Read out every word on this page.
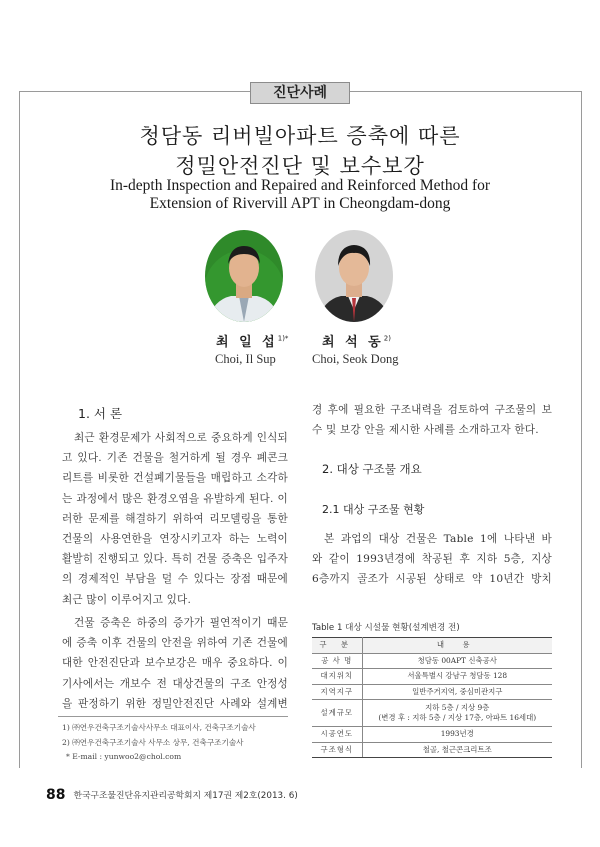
진단사례
청담동 리버빌아파트 증축에 따른
정밀안전진단 및 보수보강
In-depth Inspection and Repaired and Reinforced Method for
Extension of Rivervill APT in Cheongdam-dong
최 일 섭$^{1)*}$	최 석 동$^{2)}$
Choi, Il Sup	Choi, Seok Dong
1. 서 론

최근 환경문제가 사회적으로 중요하게 인식되

고 있다. 기존 건물을 철거하게 될 경우 폐콘크

리트를 비롯한 건설폐기물들을 매립하고 소각하

는 과정에서 많은 환경오염을 유발하게 된다. 이

러한 문제를 해결하기 위하여 리모델링을 통한

건물의 사용연한을 연장시키고자 하는 노력이

활발히 진행되고 있다. 특히 건물 증축은 입주자

의 경제적인 부담을 덜 수 있다는 장점 때문에

최근 많이 이루어지고 있다.

건물 증축은 하중의 증가가 필연적이기 때문

에 증축 이후 건물의 안전을 위하여 기존 건물에

대한 안전진단과 보수보강은 매우 중요하다. 이

기사에서는 개보수 전 대상건물의 구조 안정성

을 판정하기 위한 정밀안전진단 사례와 설계변

1) ㈜연우건축구조기술사사무소 대표이사, 건축구조기술사
2) ㈜연우건축구조기술사 사무소 상무, 건축구조기술사
* E-mail : yunwoo2@chol.com

경 후에 필요한 구조내력을 검토하여 구조물의 보

수 및 보강 안을 제시한 사례를 소개하고자 한다.

2. 대상 구조물 개요
2.1 대상 구조물 현황

본 과업의 대상 건물은 Table 1에 나타낸 바

와 같이 1993년경에 착공된 후 지하 5층, 지상

6층까지 골조가 시공된 상태로 약 10년간 방치

Table 1 대상 시설물 현황(설계변경 전)
구 분	내 용
공 사 명	청담동 00APT 신축공사
대지위치	서울특별시 강남구 청담동 128
지역지구	일반주거지역, 중심미관지구
설계규모	지하 5층 / 지상 9층
(변경 후 : 지하 5층 / 지상 17층, 아파트 16세대)

시공연도	1993년경
구조형식	철골, 철근콘크리트조
88 한국구조물진단유지관리공학회지 제17권 제2호(2013. 6)
